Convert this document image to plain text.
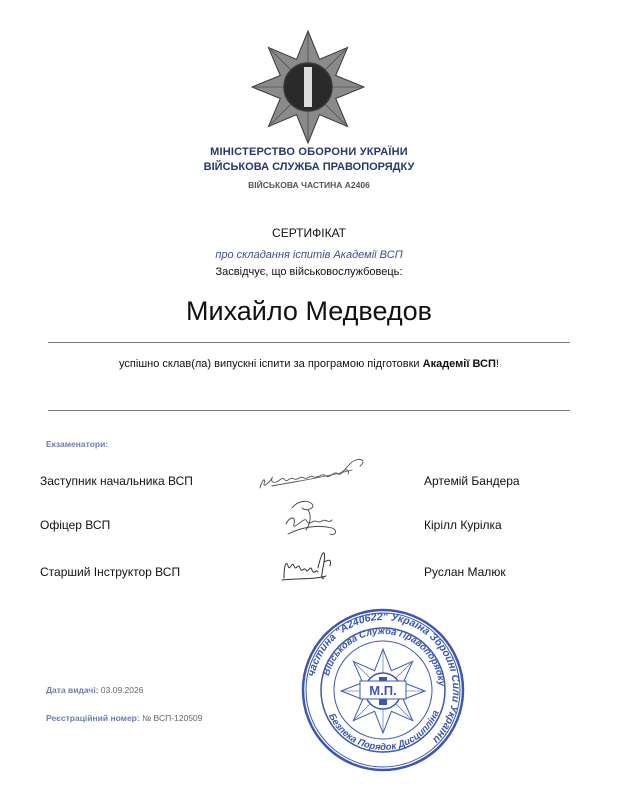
МІНІСТЕРСТВО ОБОРОНИ УКРАЇНИ
ВІЙСЬКОВА СЛУЖБА ПРАВОПОРЯДКУ
ВІЙСЬКОВА ЧАСТИНА А2406
СЕРТИФІКАТ
про складання іспитів Академії ВСП
Засвідчує, що військовослужбовець:
Михайло Медведов
успішно склав(ла) випускні іспити за програмою підготовки Академії ВСП!
Екзаменатори:
Заступник начальника ВСП	Артемій Бандера
Офіцер ВСП	Кірілл Курілка
Старший Інструктор ВСП	Руслан Малюк
Дата видачі: 03.09.2026
Реєстраційний номер: № ВСП-120509
частина "А240622" Україна Збройні Сили України
Військова Служба Правопорядку
Безпека Порядок Дисципліна
М.П.
